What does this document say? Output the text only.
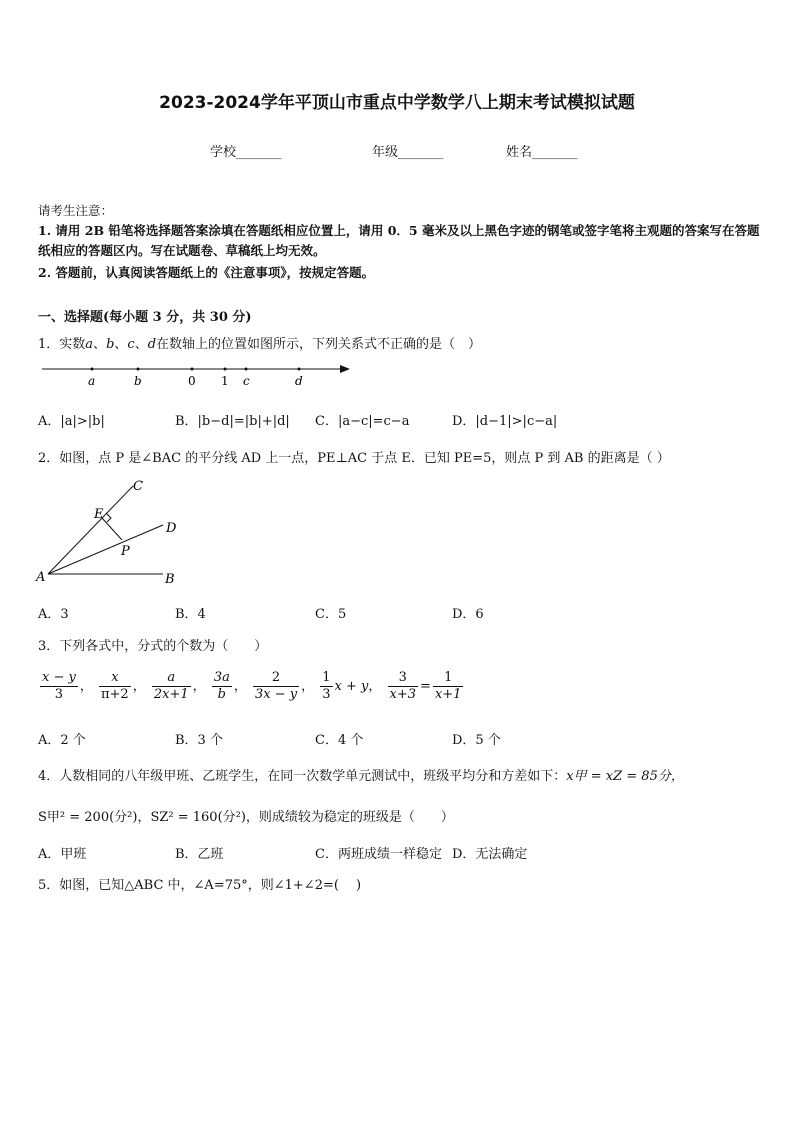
2023-2024学年平顶山市重点中学数学八上期末考试模拟试题
学校_______	年级_______	姓名_______
请考生注意：
1. 请用 2B 铅笔将选择题答案涂填在答题纸相应位置上，请用 0．5 毫米及以上黑色字迹的钢笔或签字笔将主观题的答案写在答题纸相应的答题区内。写在试题卷、草稿纸上均无效。
2. 答题前，认真阅读答题纸上的《注意事项》，按规定答题。
一、选择题(每小题 3 分，共 30 分)
1．实数a、b、c、d在数轴上的位置如图所示，下列关系式不正确的是（　）
a	b	0 1 c	d
A．|a|>|b|	B．|b−d|=|b|+|d| C．|a−c|=c−a	D．|d−1|>|c−a|
2．如图，点 P 是∠BAC 的平分线 AD 上一点，PE⊥AC 于点 E．已知 PE=5，则点 P 到 AB 的距离是（ ）
A	B
C
D
E
P
A．3	B．4	C．5	D．6
3．下列各式中，分式的个数为（　　）
$\frac{x - y}{3}$ ， $\frac{x}{\pi+2}$ ， $\frac{a}{2x+1}$ ， $\frac{3a}{b}$ ， $\frac{2}{3x - y}$ ， $\frac{1}{3}$ x + y， $\frac{3}{x+3} = \frac{1}{x+1}$
A．2 个	B．3 个	C．4 个	D．5 个
4．人数相同的八年级甲班、乙班学生，在同一次数学单元测试中，班级平均分和方差如下：x甲 = xZ = 85分，
S甲² = 200(分²)，SZ² = 160(分²)，则成绩较为稳定的班级是（　　）
A．甲班	B．乙班	C．两班成绩一样稳定 D．无法确定
5．如图，已知△ABC 中，∠A=75°，则∠1+∠2=(　 )
